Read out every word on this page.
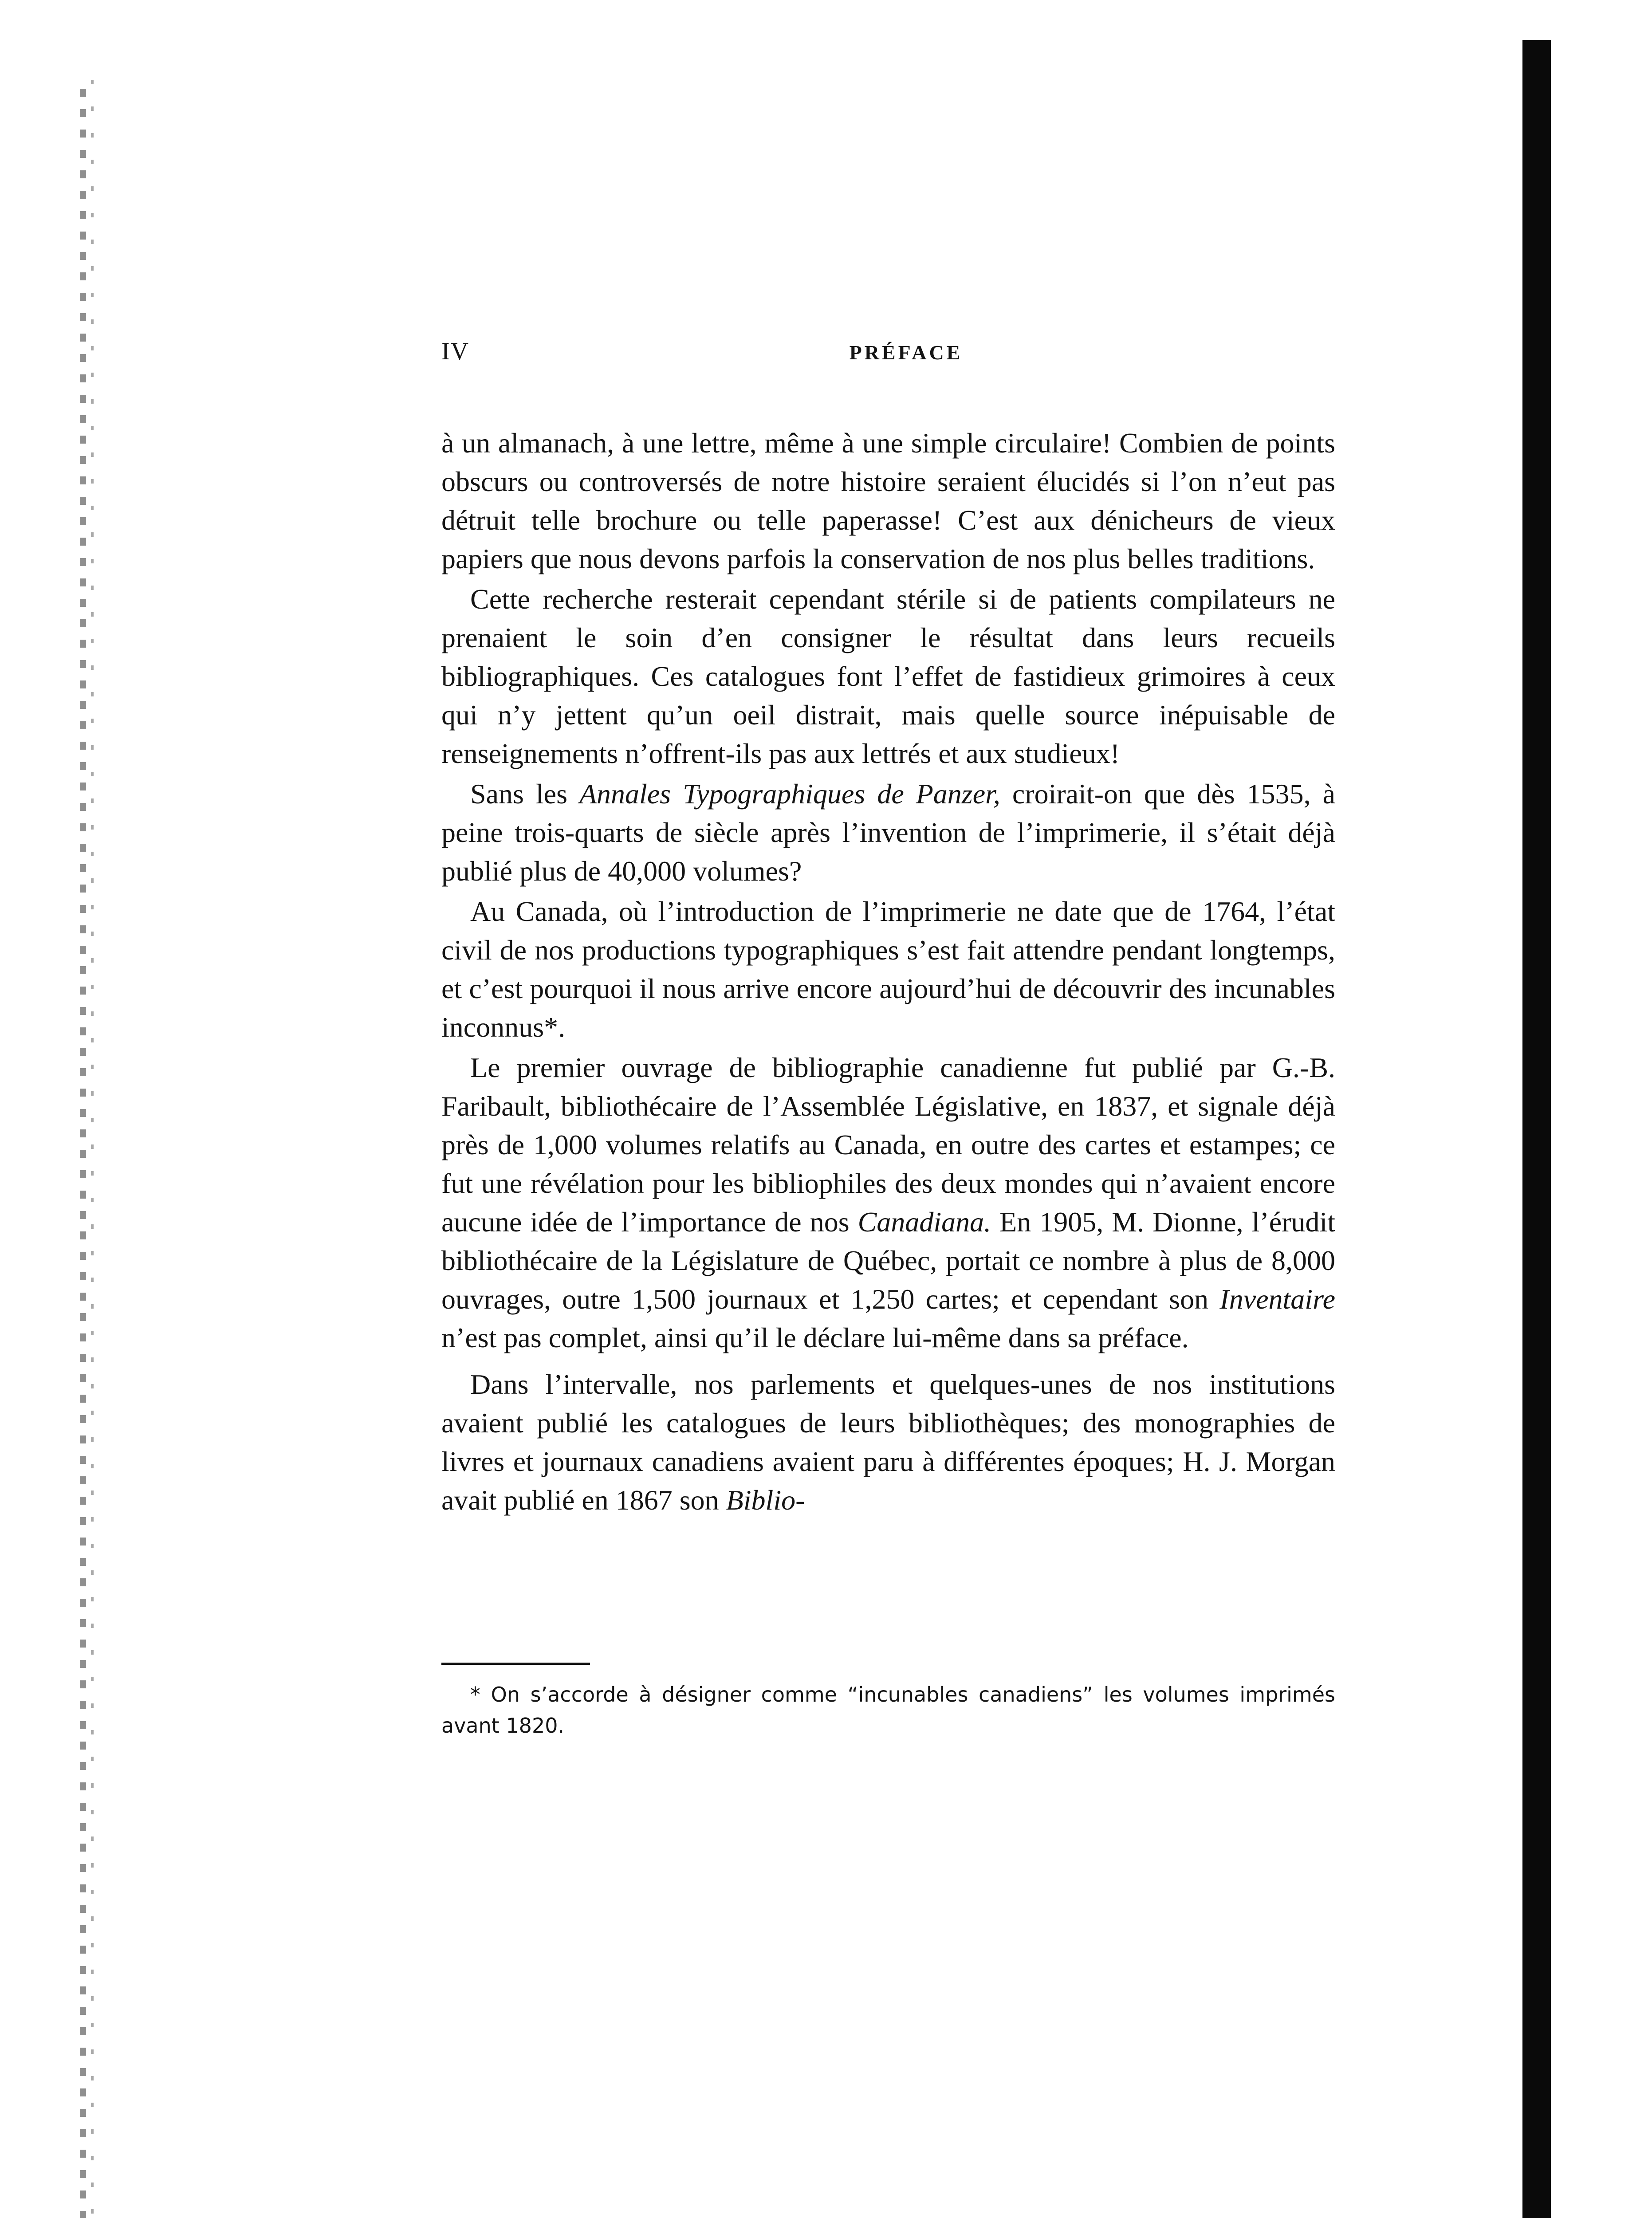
IV	PRÉFACE

à un almanach, à une lettre, même à une simple circulaire! Combien de points obscurs ou controversés de notre histoire seraient élucidés si l’on n’eut pas détruit telle brochure ou telle paperasse! C’est aux dénicheurs de vieux papiers que nous devons parfois la conservation de nos plus belles traditions.

Cette recherche resterait cependant stérile si de patients compilateurs ne prenaient le soin d’en consigner le résultat dans leurs recueils bibliographiques. Ces catalogues font l’effet de fastidieux grimoires à ceux qui n’y jettent qu’un oeil distrait, mais quelle source inépuisable de renseignements n’offrent-ils pas aux lettrés et aux studieux!

Sans les Annales Typographiques de Panzer, croirait-on que dès 1535, à peine trois-quarts de siècle après l’invention de l’imprimerie, il s’était déjà publié plus de 40,000 volumes?

Au Canada, où l’introduction de l’imprimerie ne date que de 1764, l’état civil de nos productions typographiques s’est fait attendre pendant longtemps, et c’est pourquoi il nous arrive encore aujourd’hui de découvrir des incunables inconnus*.

Le premier ouvrage de bibliographie canadienne fut publié par G.-B. Faribault, bibliothécaire de l’Assemblée Législative, en 1837, et signale déjà près de 1,000 volumes relatifs au Canada, en outre des cartes et estampes; ce fut une révélation pour les bibliophiles des deux mondes qui n’avaient encore aucune idée de l’importance de nos Canadiana. En 1905, M. Dionne, l’érudit bibliothécaire de la Législature de Québec, portait ce nombre à plus de 8,000 ouvrages, outre 1,500 journaux et 1,250 cartes; et cependant son Inventaire n’est pas complet, ainsi qu’il le déclare lui-même dans sa préface.

Dans l’intervalle, nos parlements et quelques-unes de nos institutions avaient publié les catalogues de leurs bibliothèques; des monographies de livres et journaux canadiens avaient paru à différentes époques; H. J. Morgan avait publié en 1867 son Biblio-

* On s’accorde à désigner comme “incunables canadiens” les volumes imprimés avant 1820.
